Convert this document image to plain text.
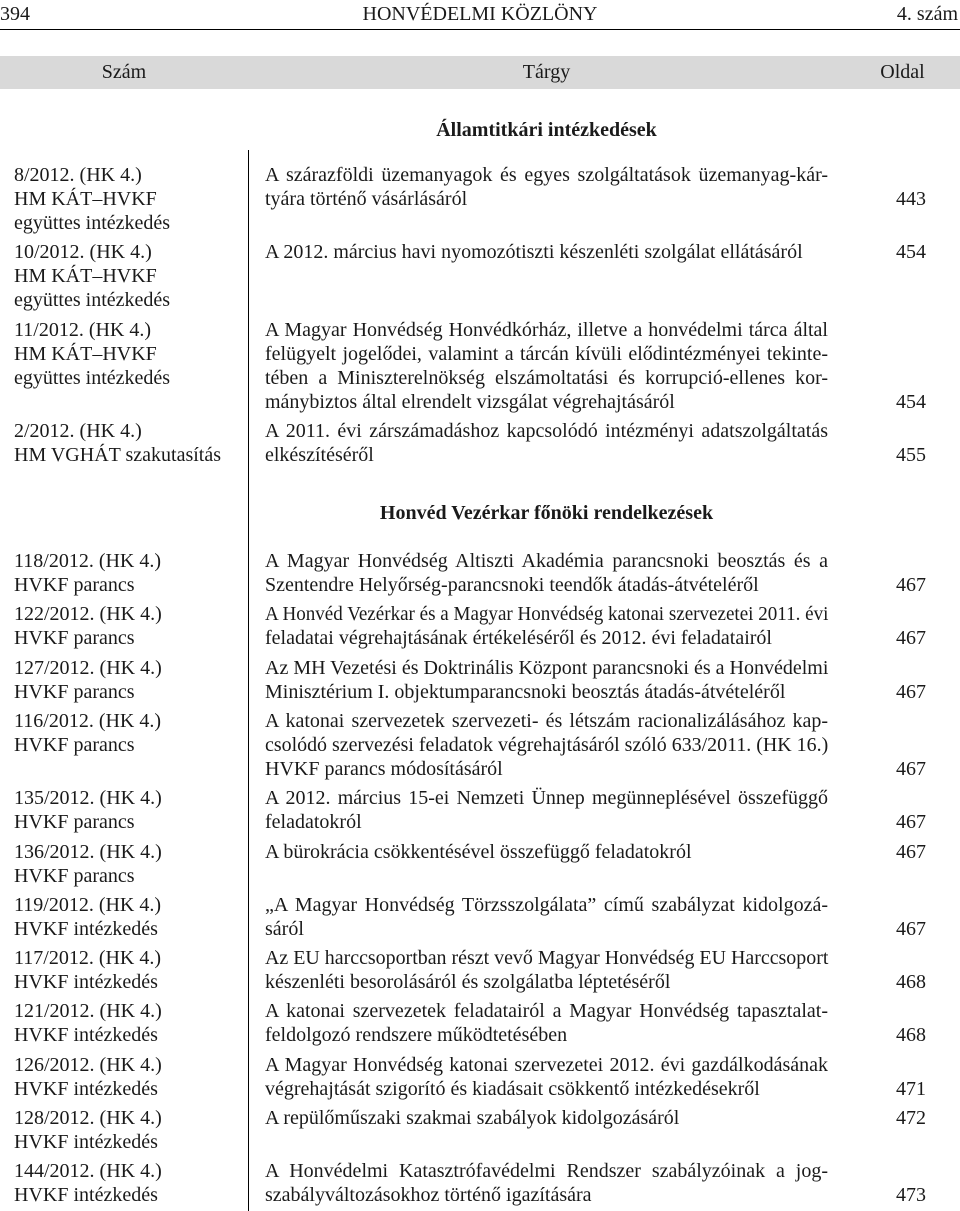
394	HONVÉDELMI KÖZLÖNY	4. szám
Szám	Tárgy	Oldal
Államtitkári intézkedések
8/2012. (HK 4.)
HM KÁT–HVKF
együttes intézkedés
A szárazföldi üzemanyagok és egyes szolgáltatások üzemanyag-kár-
tyára történő vásárlásáról	443
10/2012. (HK 4.)
HM KÁT–HVKF
együttes intézkedés
A 2012. március havi nyomozótiszti készenléti szolgálat ellátásáról	454
11/2012. (HK 4.)
HM KÁT–HVKF
együttes intézkedés
A Magyar Honvédség Honvédkórház, illetve a honvédelmi tárca által
felügyelt jogelődei, valamint a tárcán kívüli elődintézményei tekinte-
tében a Miniszterelnökség elszámoltatási és korrupció-ellenes kor-
mánybiztos által elrendelt vizsgálat végrehajtásáról	454
2/2012. (HK 4.)
HM VGHÁT szakutasítás
A 2011. évi zárszámadáshoz kapcsolódó intézményi adatszolgáltatás
elkészítéséről	455
Honvéd Vezérkar főnöki rendelkezések
118/2012. (HK 4.)
HVKF parancs
A Magyar Honvédség Altiszti Akadémia parancsnoki beosztás és a
Szentendre Helyőrség-parancsnoki teendők átadás-átvételéről	467
122/2012. (HK 4.)
HVKF parancs
A Honvéd Vezérkar és a Magyar Honvédség katonai szervezetei 2011. évi
feladatai végrehajtásának értékeléséről és 2012. évi feladatairól	467
127/2012. (HK 4.)
HVKF parancs
Az MH Vezetési és Doktrinális Központ parancsnoki és a Honvédelmi
Minisztérium I. objektumparancsnoki beosztás átadás-átvételéről	467
116/2012. (HK 4.)
HVKF parancs
A katonai szervezetek szervezeti- és létszám racionalizálásához kap-
csolódó szervezési feladatok végrehajtásáról szóló 633/2011. (HK 16.)
HVKF parancs módosításáról	467
135/2012. (HK 4.)
HVKF parancs
A 2012. március 15-ei Nemzeti Ünnep megünneplésével összefüggő
feladatokról	467
136/2012. (HK 4.)
HVKF parancs
A bürokrácia csökkentésével összefüggő feladatokról	467
119/2012. (HK 4.)
HVKF intézkedés
„A Magyar Honvédség Törzsszolgálata” című szabályzat kidolgozá-
sáról	467
117/2012. (HK 4.)
HVKF intézkedés
Az EU harccsoportban részt vevő Magyar Honvédség EU Harccsoport
készenléti besorolásáról és szolgálatba léptetéséről	468
121/2012. (HK 4.)
HVKF intézkedés
A katonai szervezetek feladatairól a Magyar Honvédség tapasztalat-
feldolgozó rendszere működtetésében	468
126/2012. (HK 4.)
HVKF intézkedés
A Magyar Honvédség katonai szervezetei 2012. évi gazdálkodásának
végrehajtását szigorító és kiadásait csökkentő intézkedésekről	471
128/2012. (HK 4.)
HVKF intézkedés
A repülőműszaki szakmai szabályok kidolgozásáról	472
144/2012. (HK 4.)
HVKF intézkedés
A Honvédelmi Katasztrófavédelmi Rendszer szabályzóinak a jog-
szabályváltozásokhoz történő igazítására	473
